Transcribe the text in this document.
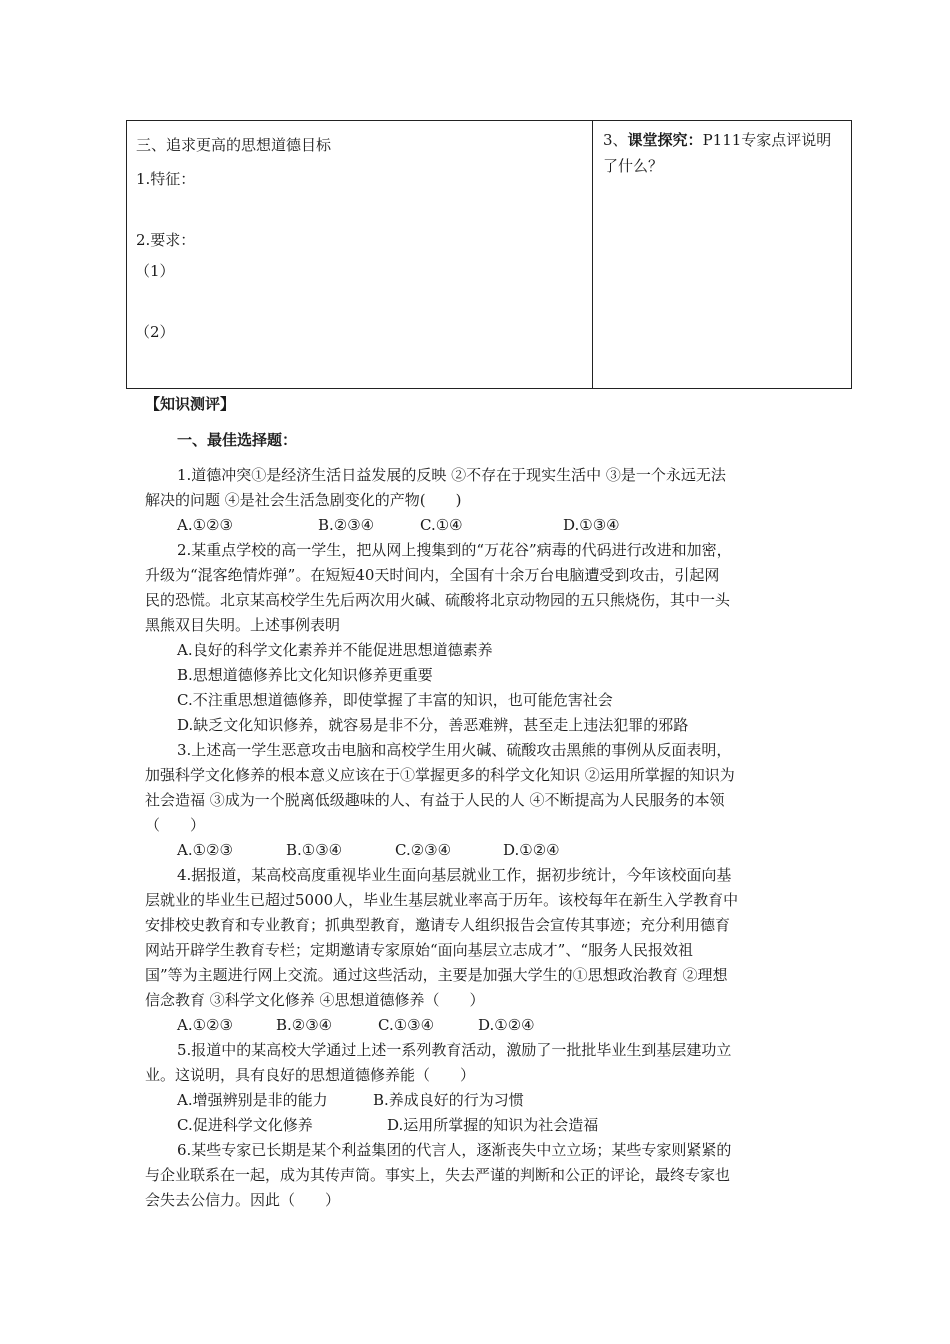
三、追求更高的思想道德目标
1.特征：
2.要求：
（1）
（2）
3、课堂探究：P111专家点评说明了什么？
【知识测评】
一、最佳选择题：
1.道德冲突①是经济生活日益发展的反映 ②不存在于现实生活中 ③是一个永远无法
解决的问题 ④是社会生活急剧变化的产物(　　)
A.①②③	B.②③④	C.①④	D.①③④
2.某重点学校的高一学生，把从网上搜集到的“万花谷”病毒的代码进行改进和加密，
升级为“混客绝情炸弹”。在短短40天时间内，全国有十余万台电脑遭受到攻击，引起网
民的恐慌。北京某高校学生先后两次用火碱、硫酸将北京动物园的五只熊烧伤，其中一头
黑熊双目失明。上述事例表明
A.良好的科学文化素养并不能促进思想道德素养
B.思想道德修养比文化知识修养更重要
C.不注重思想道德修养，即使掌握了丰富的知识，也可能危害社会
D.缺乏文化知识修养，就容易是非不分，善恶难辨，甚至走上违法犯罪的邪路
3.上述高一学生恶意攻击电脑和高校学生用火碱、硫酸攻击黑熊的事例从反面表明，
加强科学文化修养的根本意义应该在于①掌握更多的科学文化知识 ②运用所掌握的知识为
社会造福 ③成为一个脱离低级趣味的人、有益于人民的人 ④不断提高为人民服务的本领
（　　）
A.①②③	B.①③④	C.②③④	D.①②④
4.据报道，某高校高度重视毕业生面向基层就业工作，据初步统计，今年该校面向基
层就业的毕业生已超过5000人，毕业生基层就业率高于历年。该校每年在新生入学教育中
安排校史教育和专业教育；抓典型教育，邀请专人组织报告会宣传其事迹；充分利用德育
网站开辟学生教育专栏；定期邀请专家原始“面向基层立志成才”、“服务人民报效祖
国”等为主题进行网上交流。通过这些活动，主要是加强大学生的①思想政治教育 ②理想
信念教育 ③科学文化修养 ④思想道德修养（　　）
A.①②③	B.②③④	C.①③④	D.①②④
5.报道中的某高校大学通过上述一系列教育活动，激励了一批批毕业生到基层建功立
业。这说明，具有良好的思想道德修养能（　　）
A.增强辨别是非的能力	B.养成良好的行为习惯
C.促进科学文化修养	D.运用所掌握的知识为社会造福
6.某些专家已长期是某个利益集团的代言人，逐渐丧失中立立场；某些专家则紧紧的
与企业联系在一起，成为其传声筒。事实上，失去严谨的判断和公正的评论，最终专家也
会失去公信力。因此（　　）
